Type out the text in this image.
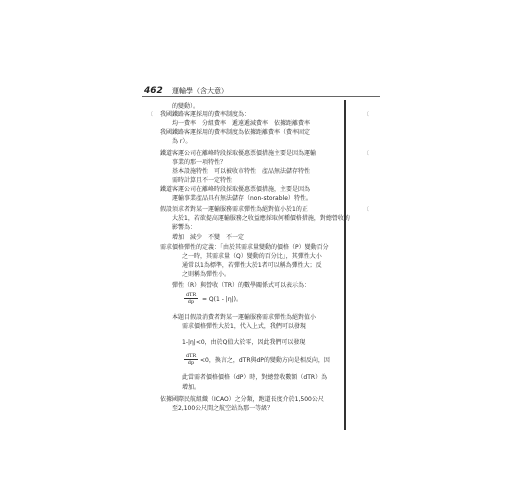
462 運輸學（含大意）
的變動）。
〔 我國鐵路客運採用的費率制度為：
均一費率　分組費率　遞遠遞減費率　依據距離費率
我國鐵路客運採用的費率制度為依據距離費率（費率固定
為 r）。
〔
鐵道客運公司在離峰時段採取優惠票價措施主要是因為運輸
事業的那一項特性？
基本設施特性　可以被收市特性　產品無法儲存特性
需時計算且不一定特性
鐵道客運公司在離峰時段採取優惠票價措施，主要是因為
運輸事業產品具有無法儲存（non-storable）特性。
〔
假設須求者對某一運輸服務需求彈性為絕對值小於1的正
大於1，若欲提高運輸服務之收益應採取何種價格措施，對總營收的
影響為：
增加　減少　不變　不一定
需求價格彈性的定義：「由於其需求量變動的價格（P）變動百分
之一時，其需求量（Q）變動的百分比」，其彈性大小
通常以1為標準，若彈性大於1者可以稱為彈性大；反
之則稱為彈性小。
彈性（R）與營收（TR）的數學關係式可以表示為：
dTR
dp	= Q(1 - |η|)。
本題目假設消費者對某一運輸服務需求彈性為絕對值小
需求價格彈性大於1，代入上式，我們可以發現
1-|η|<0，由於Q值大於零，因此我們可以發現
dTR
dp <0，換言之，dTR與dP的變動方向是相反向，因
此當需者價格價格（dP）時，對總營收數額（dTR）為
增加。
〔
依據國際民航組織（ICAO）之分類，跑道長度介於1,500公尺
至2,100公尺間之航空站為那一等級？
